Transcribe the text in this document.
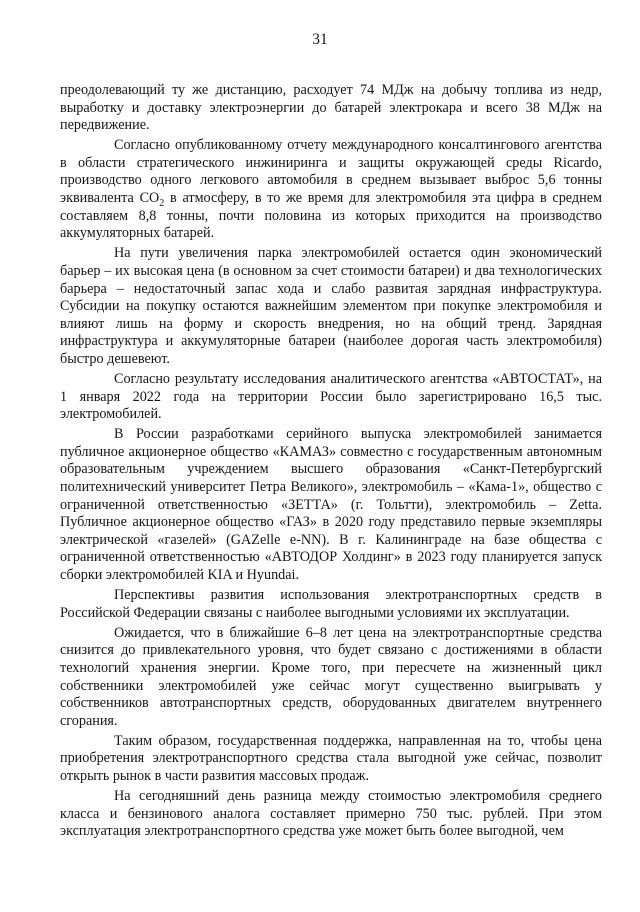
31

преодолевающий ту же дистанцию, расходует 74 МДж на добычу топлива из недр, выработку и доставку электроэнергии до батарей электрокара и всего 38 МДж на передвижение.

Согласно опубликованному отчету международного консалтингового агентства в области стратегического инжиниринга и защиты окружающей среды Ricardo, производство одного легкового автомобиля в среднем вызывает выброс 5,6 тонны эквивалента $CO_2$ в атмосферу, в то же время для электромобиля эта цифра в среднем составляем 8,8 тонны, почти половина из которых приходится на производство аккумуляторных батарей.

На пути увеличения парка электромобилей остается один экономический барьер – их высокая цена (в основном за счет стоимости батареи) и два технологических барьера – недостаточный запас хода и слабо развитая зарядная инфраструктура. Субсидии на покупку остаются важнейшим элементом при покупке электромобиля и влияют лишь на форму и скорость внедрения, но на общий тренд. Зарядная инфраструктура и аккумуляторные батареи (наиболее дорогая часть электромобиля) быстро дешевеют.

Согласно результату исследования аналитического агентства «АВТОСТАТ», на 1 января 2022 года на территории России было зарегистрировано 16,5 тыс. электромобилей.

В России разработками серийного выпуска электромобилей занимается публичное акционерное общество «КАМАЗ» совместно с государственным автономным образовательным учреждением высшего образования «Санкт-Петербургский политехнический университет Петра Великого», электромобиль – «Кама-1», общество с ограниченной ответственностью «ЗЕТТА» (г. Тольтти), электромобиль – Zetta. Публичное акционерное общество «ГАЗ» в 2020 году представило первые экземпляры электрической «газелей» (GAZelle e-NN). В г. Калининграде на базе общества с ограниченной ответственностью «АВТОДОР Холдинг» в 2023 году планируется запуск сборки электромобилей KIA и Hyundai.

Перспективы развития использования электротранспортных средств в Российской Федерации связаны с наиболее выгодными условиями их эксплуатации.

Ожидается, что в ближайшие 6–8 лет цена на электротранспортные средства снизится до привлекательного уровня, что будет связано с достижениями в области технологий хранения энергии. Кроме того, при пересчете на жизненный цикл собственники электромобилей уже сейчас могут существенно выигрывать у собственников автотранспортных средств, оборудованных двигателем внутреннего сгорания.

Таким образом, государственная поддержка, направленная на то, чтобы цена приобретения электротранспортного средства стала выгодной уже сейчас, позволит открыть рынок в части развития массовых продаж.

На сегодняшний день разница между стоимостью электромобиля среднего класса и бензинового аналога составляет примерно 750 тыс. рублей. При этом эксплуатация электротранспортного средства уже может быть более выгодной, чем
